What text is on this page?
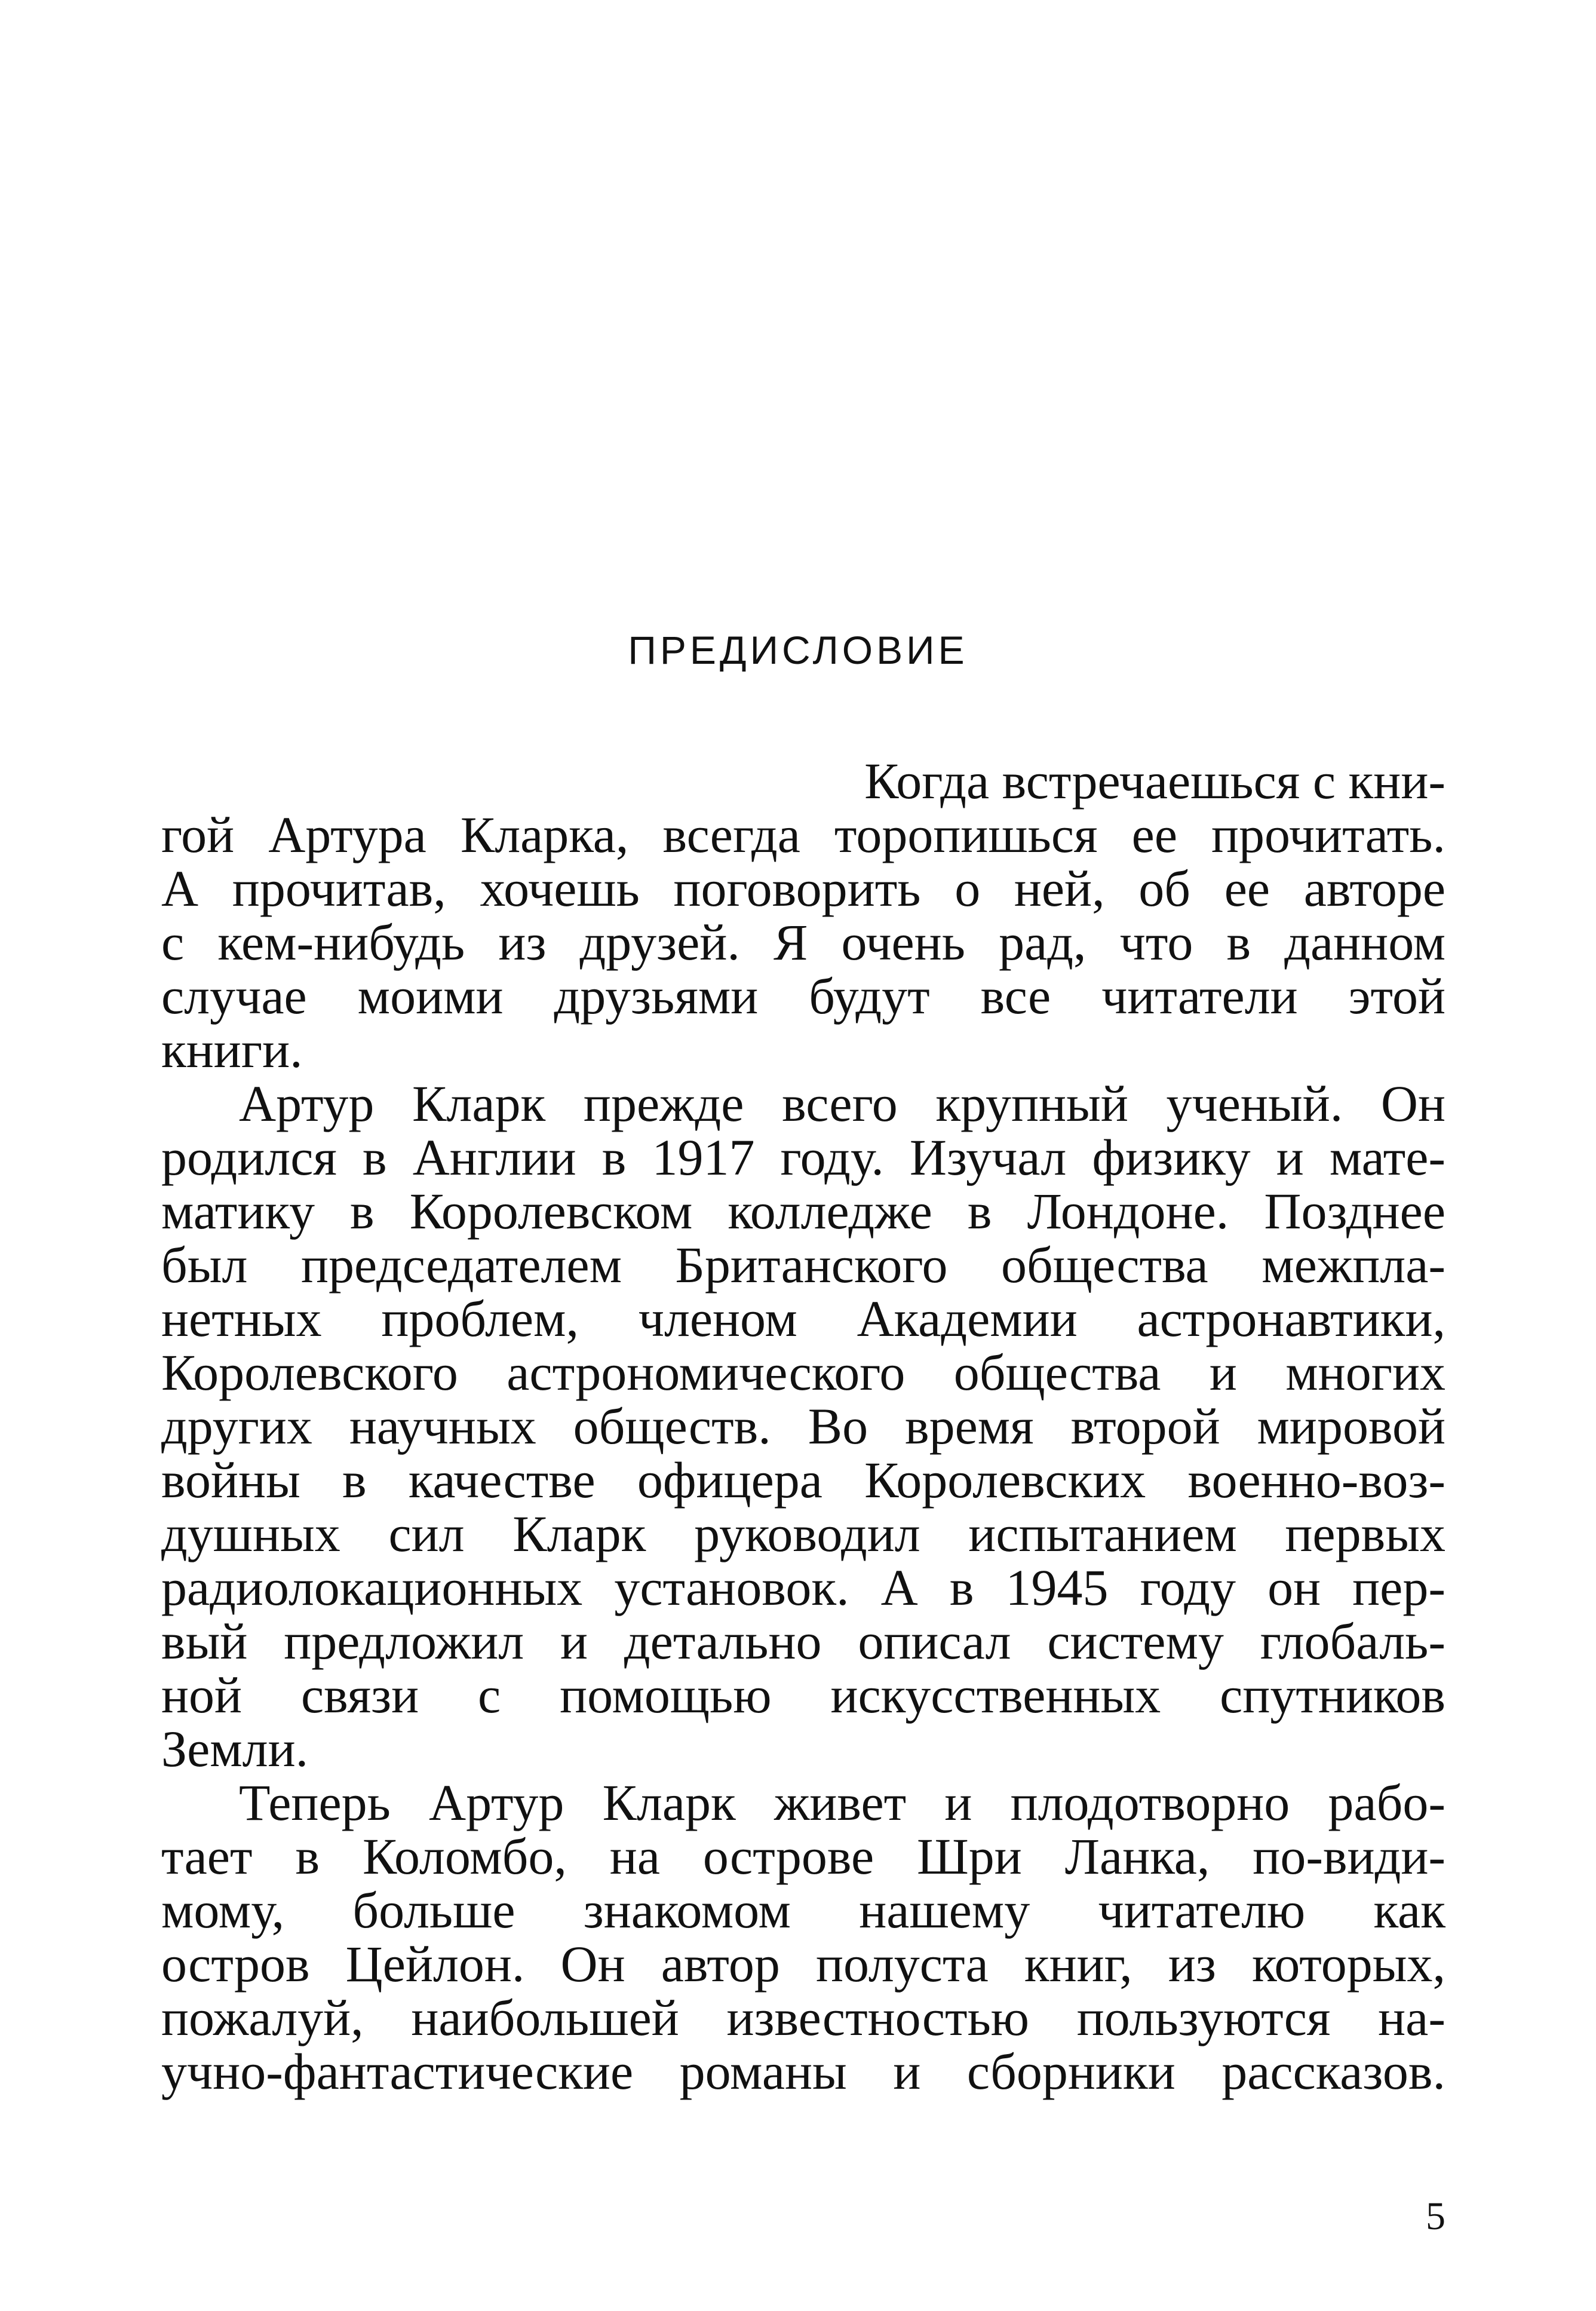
ПРЕДИСЛОВИЕ

Когда встречаешься с кни-

гой Артура Кларка, всегда торопишься ее прочитать.

А прочитав, хочешь поговорить о ней, об ее авторе

с кем-нибудь из друзей. Я очень рад, что в данном

случае моими друзьями будут все читатели этой

книги.

Артур Кларк прежде всего крупный ученый. Он

родился в Англии в 1917 году. Изучал физику и мате-

матику в Королевском колледже в Лондоне. Позднее

был председателем Британского общества межпла-

нетных проблем, членом Академии астронавтики,

Королевского астрономического общества и многих

других научных обществ. Во время второй мировой

войны в качестве офицера Королевских военно-воз-

душных сил Кларк руководил испытанием первых

радиолокационных установок. А в 1945 году он пер-

вый предложил и детально описал систему глобаль-

ной связи с помощью искусственных спутников

Земли.

Теперь Артур Кларк живет и плодотворно рабо-

тает в Коломбо, на острове Шри Ланка, по-види-

мому, больше знакомом нашему читателю как

остров Цейлон. Он автор полуста книг, из которых,

пожалуй, наибольшей известностью пользуются на-

учно-фантастические романы и сборники рассказов.

5
